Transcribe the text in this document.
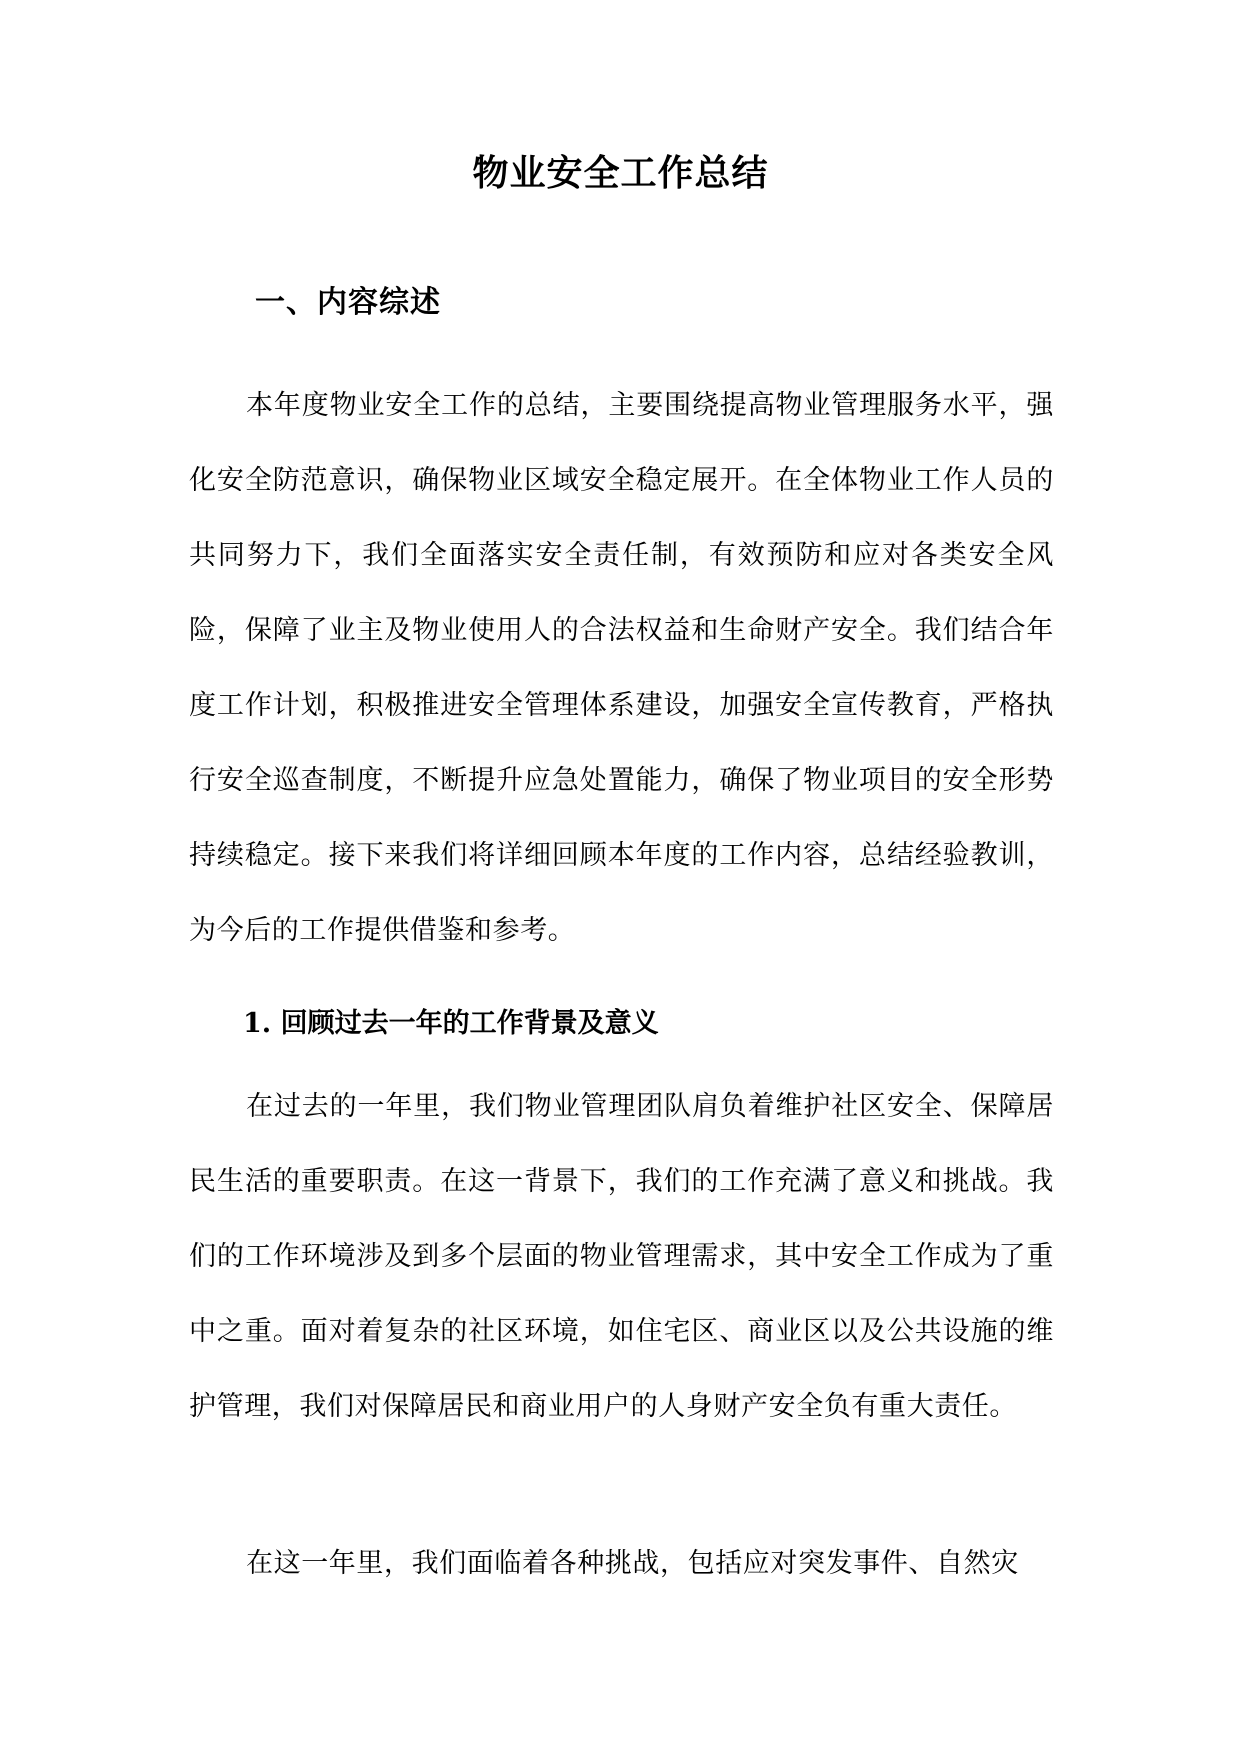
物业安全工作总结
一、内容综述

本年度物业安全工作的总结，主要围绕提高物业管理服务水平，强化安全防范意识，确保物业区域安全稳定展开。在全体物业工作人员的共同努力下，我们全面落实安全责任制，有效预防和应对各类安全风险，保障了业主及物业使用人的合法权益和生命财产安全。我们结合年度工作计划，积极推进安全管理体系建设，加强安全宣传教育，严格执行安全巡查制度，不断提升应急处置能力，确保了物业项目的安全形势持续稳定。接下来我们将详细回顾本年度的工作内容，总结经验教训，为今后的工作提供借鉴和参考。

1. 回顾过去一年的工作背景及意义

在过去的一年里，我们物业管理团队肩负着维护社区安全、保障居民生活的重要职责。在这一背景下，我们的工作充满了意义和挑战。我们的工作环境涉及到多个层面的物业管理需求，其中安全工作成为了重中之重。面对着复杂的社区环境，如住宅区、商业区以及公共设施的维护管理，我们对保障居民和商业用户的人身财产安全负有重大责任。

在这一年里，我们面临着各种挑战，包括应对突发事件、自然灾
